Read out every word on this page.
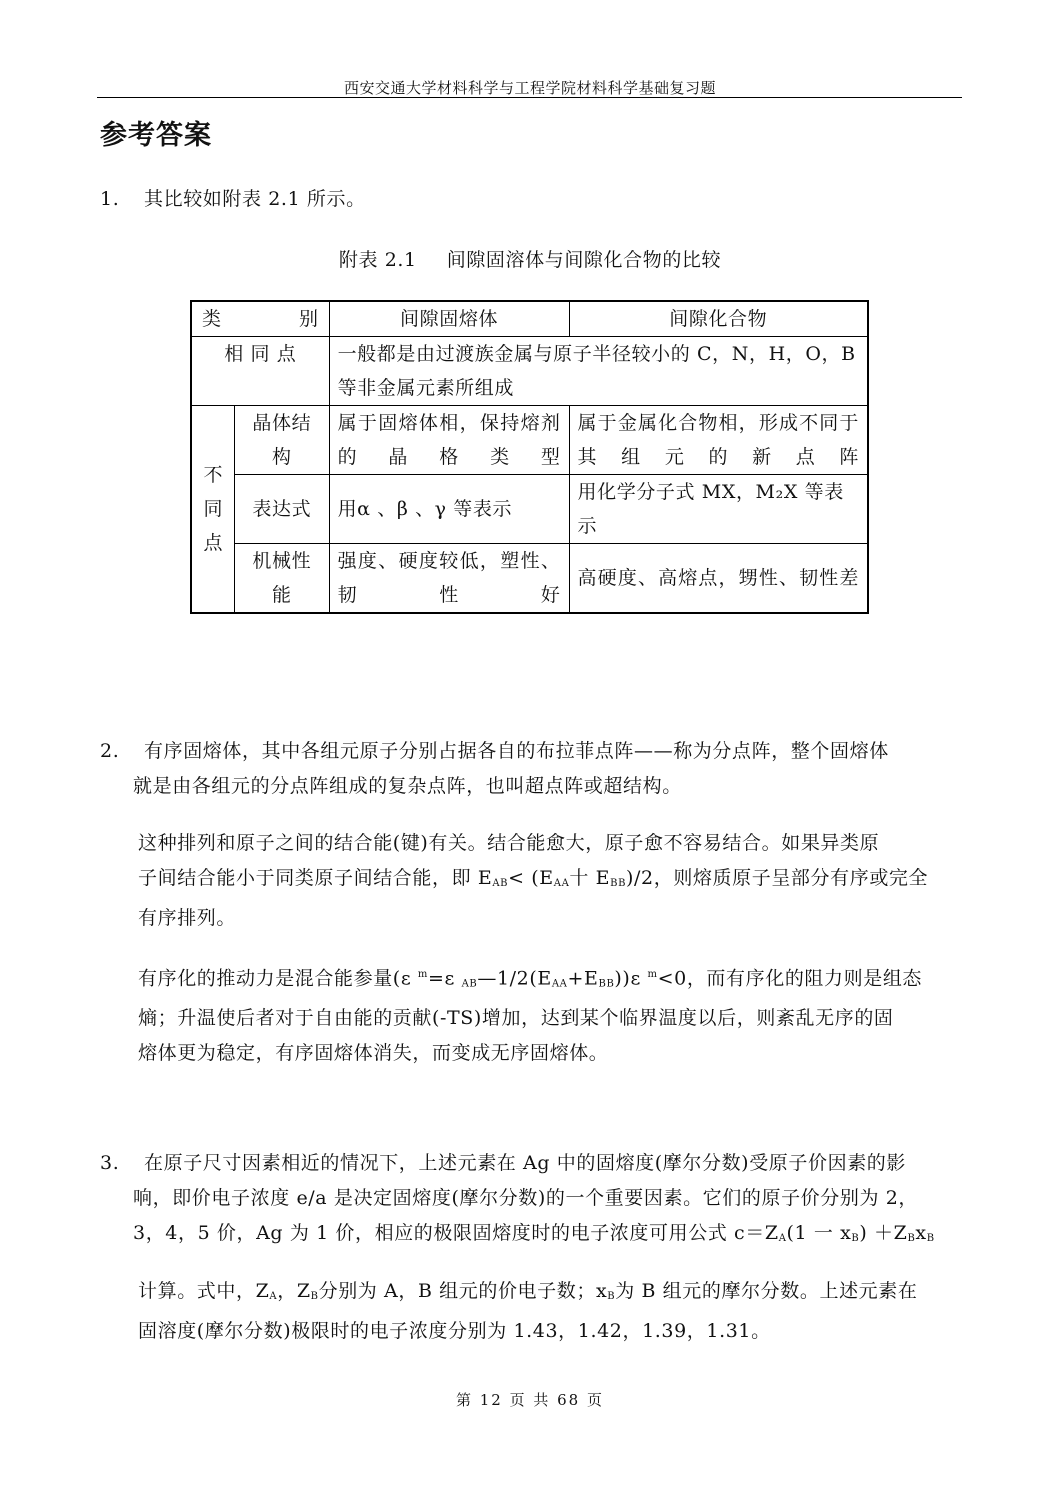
西安交通大学材料科学与工程学院材料科学基础复习题
参考答案
1. 其比较如附表 2.1 所示。
附表 2.1 间隙固溶体与间隙化合物的比较
类 别		间隙固熔体	间隙化合物
相 同 点		一般都是由过渡族金属与原子半径较小的 C，N，H，O，B
等非金属元素所组成	

不同点	晶体结构	属于固熔体相，保持熔剂的晶格类型	属于金属化合物相，形成不同于其组元的新点阵

	表达式	用α 、β 、γ 等表示	用化学分子式 MX，M₂X 等表示

	机械性能	强度、硬度较低，塑性、韧性好	高硬度、高熔点，甥性、韧性差
2. 有序固熔体，其中各组元原子分别占据各自的布拉菲点阵——称为分点阵，整个固熔体
就是由各组元的分点阵组成的复杂点阵，也叫超点阵或超结构。
这种排列和原子之间的结合能(键)有关。结合能愈大，原子愈不容易结合。如果异类原
子间结合能小于同类原子间结合能，即 $E_{AB}< (E_{AA}$十 $E_{BB})/2$，则熔质原子呈部分有序或完全
有序排列。
有序化的推动力是混合能参量(ε $^m$=ε $_{AB}—1/2(E_{AA}+E_{BB}))\varepsilon$ $^m$<0，而有序化的阻力则是组态
熵；升温使后者对于自由能的贡献(-TS)增加，达到某个临界温度以后，则紊乱无序的固
熔体更为稳定，有序固熔体消失，而变成无序固熔体。
3. 在原子尺寸因素相近的情况下，上述元素在 Ag 中的固熔度(摩尔分数)受原子价因素的影
响，即价电子浓度 e/a 是决定固熔度(摩尔分数)的一个重要因素。它们的原子价分别为 2，
3，4，5 价，Ag 为 1 价，相应的极限固熔度时的电子浓度可用公式 $c=Z_A(1$ 一 $x_B) +Z_Bx_B$
计算。式中，$Z_A$，$Z_B$分别为 A，B 组元的价电子数；$x_B$为 B 组元的摩尔分数。上述元素在
固溶度(摩尔分数)极限时的电子浓度分别为 1.43，1.42，1.39，1.31。
第 12 页 共 68 页
